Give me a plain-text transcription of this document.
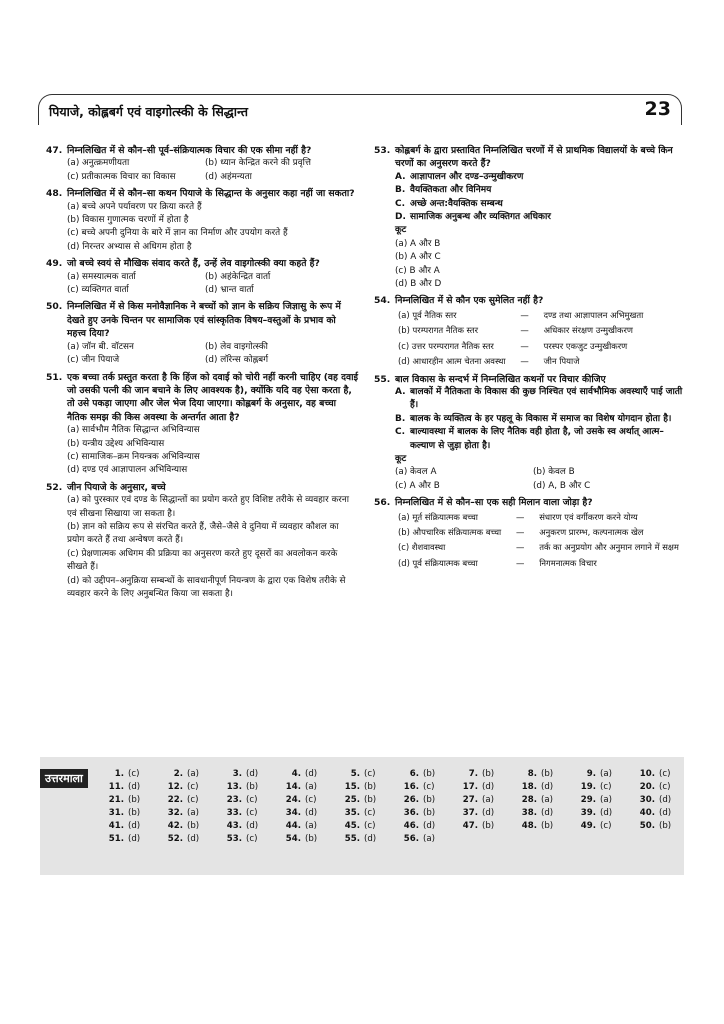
पियाजे, कोह्लबर्ग एवं वाइगोत्स्की के सिद्धान्त	23
47. निम्नलिखित में से कौन–सी पूर्व–संक्रियात्मक विचार की एक सीमा नहीं है?
(a) अनुत्क्रमणीयता	(b) ध्यान केन्द्रित करने की प्रवृत्ति
(c) प्रतीकात्मक विचार का विकास	(d) अहंमन्यता
48. निम्नलिखित में से कौन–सा कथन पियाजे के सिद्धान्त के अनुसार कहा नहीं जा सकता?
(a) बच्चे अपने पर्यावरण पर क्रिया करते हैं
(b) विकास गुणात्मक चरणों में होता है
(c) बच्चे अपनी दुनिया के बारे में ज्ञान का निर्माण और उपयोग करते हैं
(d) निरन्तर अभ्यास से अधिगम होता है
49. जो बच्चे स्वयं से मौखिक संवाद करते हैं, उन्हें लेव वाइगोत्स्की क्या कहते हैं?
(a) समस्यात्मक वार्ता	(b) अहंकेन्द्रित वार्ता
(c) व्यक्तिगत वार्ता	(d) भ्रान्त वार्ता
50. निम्नलिखित में से किस मनोवैज्ञानिक ने बच्चों को ज्ञान के सक्रिय जिज्ञासु के रूप में देखते हुए उनके चिन्तन पर सामाजिक एवं सांस्कृतिक विषय–वस्तुओं के प्रभाव को महत्त्व दिया?
(a) जॉन बी. वॉटसन	(b) लेव वाइगोत्स्की
(c) जीन पियाजे	(d) लॉरेन्स कोह्लबर्ग
51. एक बच्चा तर्क प्रस्तुत करता है कि हिंज को दवाई को चोरी नहीं करनी चाहिए (वह दवाई जो उसकी पत्नी की जान बचाने के लिए आवश्यक है), क्योंकि यदि वह ऐसा करता है, तो उसे पकड़ा जाएगा और जेल भेज दिया जाएगा। कोह्लबर्ग के अनुसार, वह बच्चा नैतिक समझ की किस अवस्था के अन्तर्गत आता है?
(a) सार्वभौम नैतिक सिद्धान्त अभिविन्यास
(b) यन्त्रीय उद्देश्य अभिविन्यास
(c) सामाजिक–क्रम नियन्त्रक अभिविन्यास
(d) दण्ड एवं आज्ञापालन अभिविन्यास
52. जीन पियाजे के अनुसार, बच्चे
(a) को पुरस्कार एवं दण्ड के सिद्धान्तों का प्रयोग करते हुए विशिष्ट तरीके से व्यवहार करना एवं सीखना सिखाया जा सकता है।
(b) ज्ञान को सक्रिय रूप से संरचित करते हैं, जैसे–जैसे वे दुनिया में व्यवहार कौशल का प्रयोग करते हैं तथा अन्वेषण करते हैं।
(c) प्रेक्षणात्मक अधिगम की प्रक्रिया का अनुसरण करते हुए दूसरों का अवलोकन करके सीखते हैं।
(d) को उद्दीपन–अनुक्रिया सम्बन्धों के सावधानीपूर्ण नियन्त्रण के द्वारा एक विशेष तरीके से व्यवहार करने के लिए अनुबन्धित किया जा सकता है।
53. कोह्लबर्ग के द्वारा प्रस्तावित निम्नलिखित चरणों में से प्राथमिक विद्यालयों के बच्चे किन चरणों का अनुसरण करते हैं?
A. आज्ञापालन और दण्ड–उन्मुखीकरण
B. वैयक्तिकता और विनिमय
C. अच्छे अन्त:वैयक्तिक सम्बन्ध
D. सामाजिक अनुबन्ध और व्यक्तिगत अधिकार
कूट
(a) A और B
(b) A और C
(c) B और A
(d) B और D
54. निम्नलिखित में से कौन एक सुमेलित नहीं है?
(a) पूर्व नैतिक स्तर	—	दण्ड तथा आज्ञापालन अभिमुखता
(b) परम्परागत नैतिक स्तर	—	अधिकार संरक्षण उन्मुखीकरण
(c) उत्तर परम्परागत नैतिक स्तर	—	परस्पर एकजुट उन्मुखीकरण
(d) आधारहीन आत्म चेतना अवस्था	—	जीन पियाजे
55. बाल विकास के सन्दर्भ में निम्नलिखित कथनों पर विचार कीजिए
A. बालकों में नैतिकता के विकास की कुछ निश्चित एवं सार्वभौमिक अवस्थाएँ पाई जाती हैं।
B. बालक के व्यक्तित्व के हर पहलू के विकास में समाज का विशेष योगदान होता है।
C. बाल्यावस्था में बालक के लिए नैतिक वही होता है, जो उसके स्व अर्थात् आत्म–कल्याण से जुड़ा होता है।
कूट
(a) केवल A	(b) केवल B
(c) A और B	(d) A, B और C
56. निम्नलिखित में से कौन–सा एक सही मिलान वाला जोड़ा है?
(a) मूर्त संक्रियात्मक बच्चा	—	संधारण एवं वर्गीकरण करने योग्य
(b) औपचारिक संक्रियात्मक बच्चा	—	अनुकरण प्रारम्भ, कल्पनात्मक खेल
(c) शैशवावस्था	—	तर्क का अनुप्रयोग और अनुमान लगाने में सक्षम
(d) पूर्व संक्रियात्मक बच्चा	—	निगमनात्मक विचार
उत्तरमाला	1. (c)	2. (a)	3. (d)	4. (d)	5. (c)	6. (b)	7. (b)	8. (b)	9. (a)	10. (c)
11. (d)	12. (c)	13. (b)	14. (a)	15. (b)	16. (c)	17. (d)	18. (d)	19. (c)	20. (c)
21. (b)	22. (c)	23. (c)	24. (c)	25. (b)	26. (b)	27. (a)	28. (a)	29. (a)	30. (d)
31. (b)	32. (a)	33. (c)	34. (d)	35. (c)	36. (b)	37. (d)	38. (d)	39. (d)	40. (d)
41. (d)	42. (b)	43. (d)	44. (a)	45. (c)	46. (d)	47. (b)	48. (b)	49. (c)	50. (b)
51. (d)	52. (d)	53. (c)	54. (b)	55. (d)	56. (a)
